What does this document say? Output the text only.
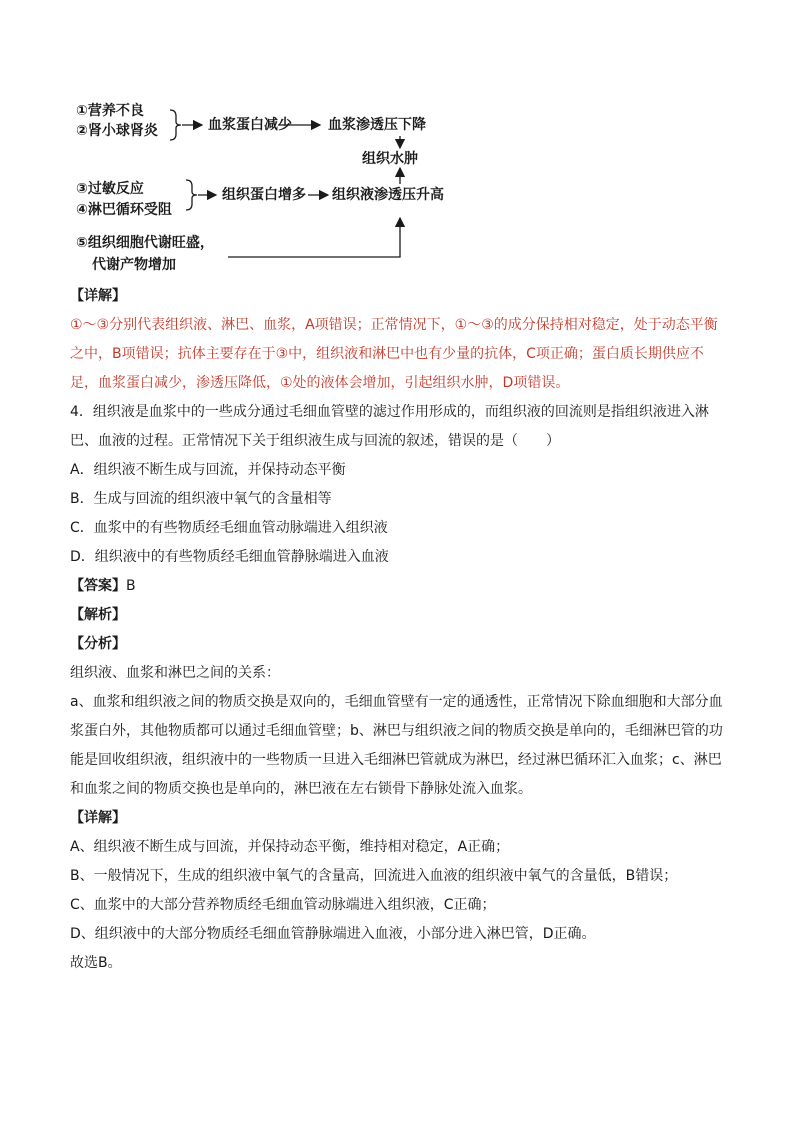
①营养不良
②肾小球肾炎	血浆蛋白减少	血浆渗透压下降
组织水肿
③过敏反应
④淋巴循环受阻
组织蛋白增多 组织液渗透压升高
⑤组织细胞代谢旺盛，
代谢产物增加

【详解】

①～③分别代表组织液、淋巴、血浆，A项错误；正常情况下，①～③的成分保持相对稳定，处于动态平衡之中，B项错误；抗体主要存在于③中，组织液和淋巴中也有少量的抗体，C项正确；蛋白质长期供应不足，血浆蛋白减少，渗透压降低，①处的液体会增加，引起组织水肿，D项错误。

4．组织液是血浆中的一些成分通过毛细血管壁的滤过作用形成的，而组织液的回流则是指组织液进入淋巴、血液的过程。正常情况下关于组织液生成与回流的叙述，错误的是（　　）

A．组织液不断生成与回流，并保持动态平衡

B．生成与回流的组织液中氧气的含量相等

C．血浆中的有些物质经毛细血管动脉端进入组织液

D．组织液中的有些物质经毛细血管静脉端进入血液

【答案】B

【解析】

【分析】

组织液、血浆和淋巴之间的关系：

a、血浆和组织液之间的物质交换是双向的，毛细血管壁有一定的通透性，正常情况下除血细胞和大部分血浆蛋白外，其他物质都可以通过毛细血管壁；b、淋巴与组织液之间的物质交换是单向的，毛细淋巴管的功能是回收组织液，组织液中的一些物质一旦进入毛细淋巴管就成为淋巴，经过淋巴循环汇入血浆；c、淋巴和血浆之间的物质交换也是单向的，淋巴液在左右锁骨下静脉处流入血浆。

【详解】

A、组织液不断生成与回流，并保持动态平衡，维持相对稳定，A正确；

B、一般情况下，生成的组织液中氧气的含量高，回流进入血液的组织液中氧气的含量低，B错误；

C、血浆中的大部分营养物质经毛细血管动脉端进入组织液，C正确；

D、组织液中的大部分物质经毛细血管静脉端进入血液，小部分进入淋巴管，D正确。

故选B。
